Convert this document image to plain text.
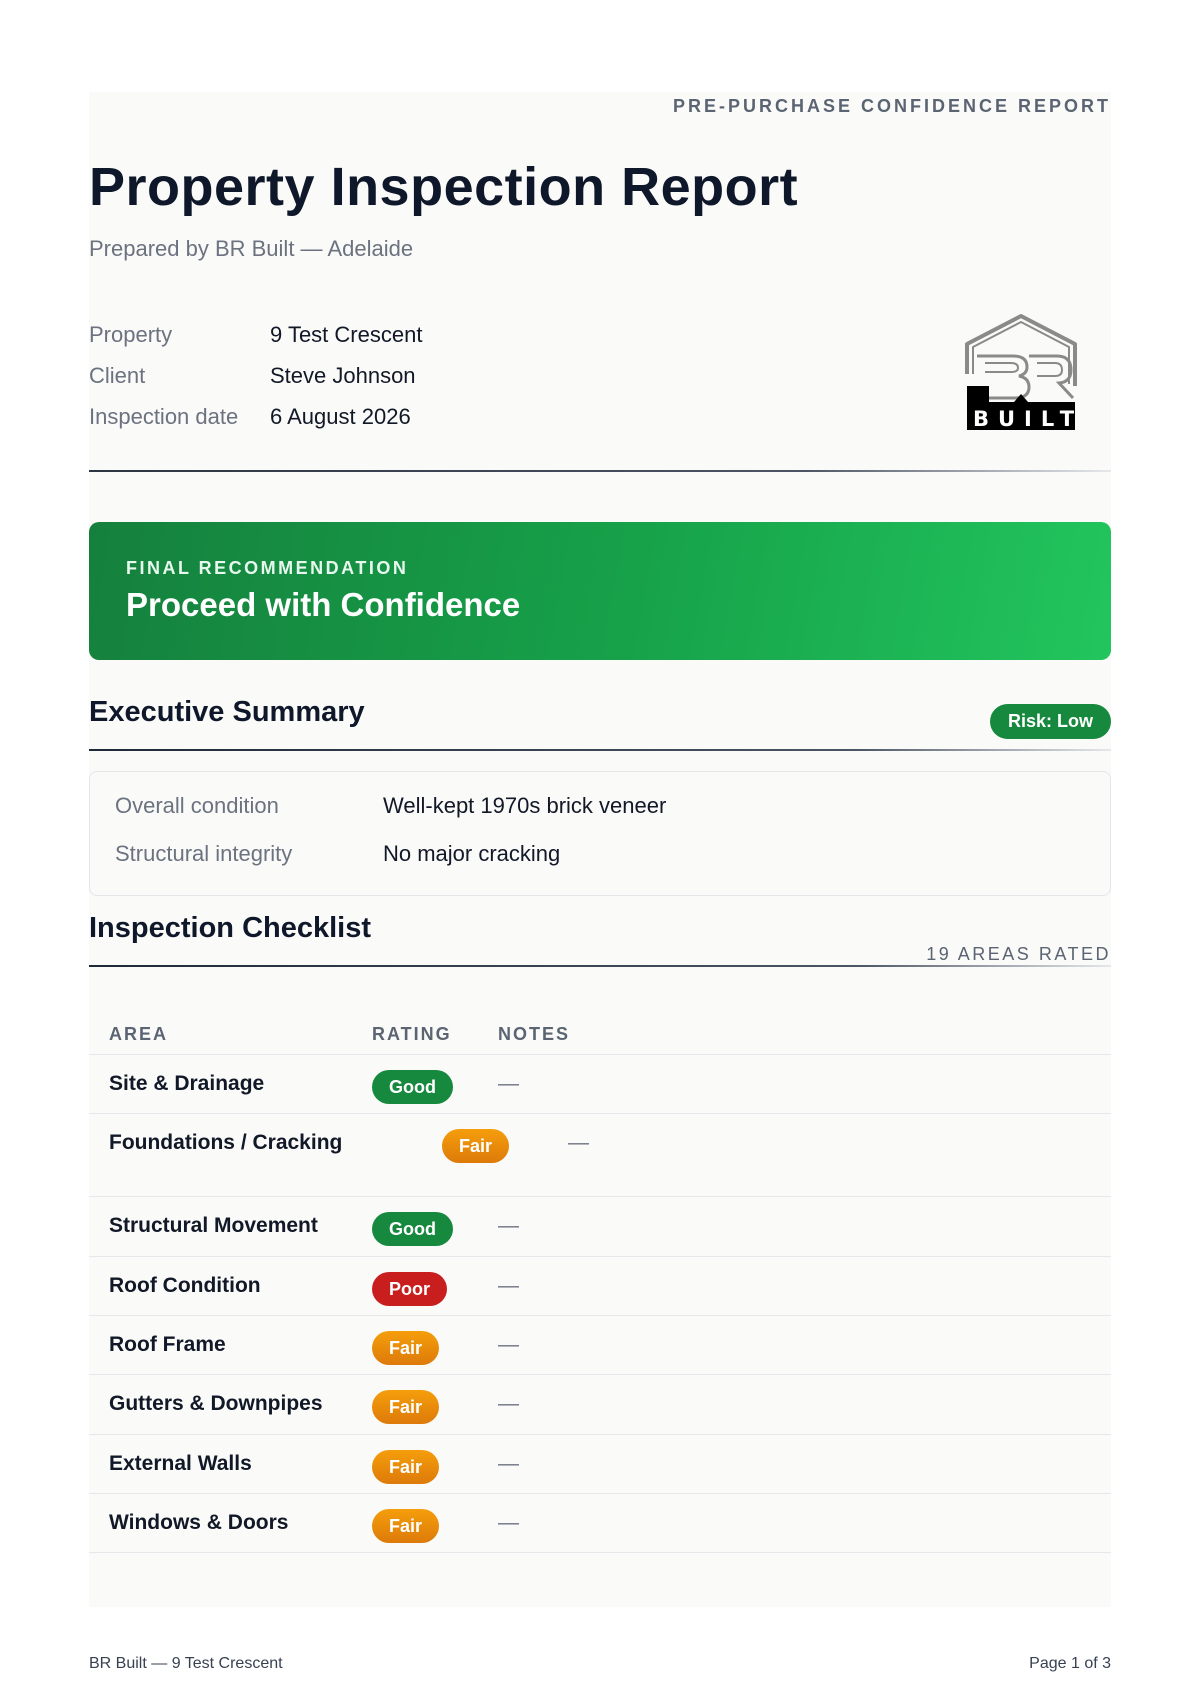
PRE-PURCHASE CONFIDENCE REPORT
Property Inspection Report
Prepared by BR Built — Adelaide
Property	9 Test Crescent
Client	Steve Johnson
Inspection date	6 August 2026	BUILT
FINAL RECOMMENDATION
Proceed with Confidence
Executive Summary	Risk: Low
Overall condition	Well-kept 1970s brick veneer
Structural integrity	No major cracking
Inspection Checklist
19 AREAS RATED
AREA	RATING	NOTES
Site & Drainage	Good	—
Foundations / Cracking	Fair	—
Structural Movement	Good	—
Roof Condition	Poor	—
Roof Frame	Fair	—
Gutters & Downpipes	Fair	—
External Walls	Fair	—
Windows & Doors	Fair	—
BR Built — 9 Test Crescent	Page 1 of 3
